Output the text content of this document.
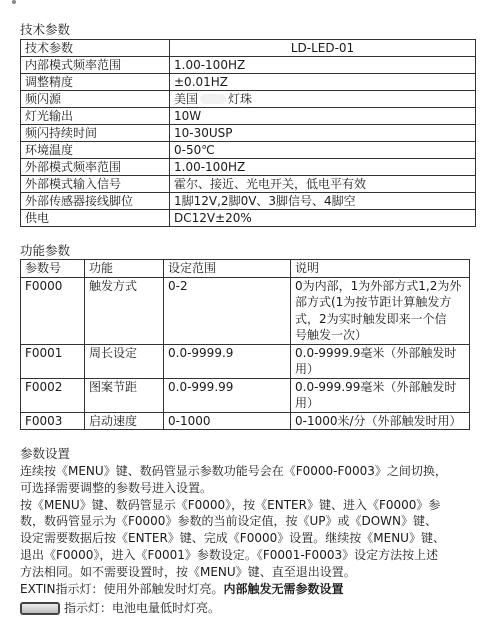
技术参数
技术参数	LD-LED-01
内部模式频率范围	1.00-100HZ
调整精度	±0.01HZ
频闪源	美国 灯珠
灯光输出	10W
频闪持续时间	10-30USP
环境温度	0-50℃
外部模式频率范围	1.00-100HZ
外部模式输入信号	霍尔、接近、光电开关，低电平有效
外部传感器接线脚位	1脚12V,2脚0V、3脚信号、4脚空
供电	DC12V±20%
功能参数
参数号	功能	设定范围	说明
F0000	触发方式	0-2	0为内部，1为外部方式1,2为外
部方式(1为按节距计算触发方
式，2为实时触发即来一个信
号触发一次）

F0001	周长设定	0.0-9999.9	0.0-9999.9毫米（外部触发时
用）

F0002	图案节距	0.0-999.99	0.0-999.99毫米（外部触发时
用）

F0003	启动速度	0-1000	0-1000米/分（外部触发时用）
参数设置
连续按《MENU》键、数码管显示参数功能号会在《F0000-F0003》之间切换，
可选择需要调整的参数号进入设置。
按《MENU》键、数码管显示《F0000》，按《ENTER》键、进入《F0000》参
数，数码管显示为《F0000》参数的当前设定值，按《UP》或《DOWN》键、
设定需要数据后按《ENTER》键、完成《F0000》设置。继续按《MENU》键、
退出《F0000》，进入《F0001》参数设定。《F0001-F0003》设定方法按上述
方法相同。如不需要设置时，按《MENU》键、直至退出设置。
EXTIN指示灯：使用外部触发时灯亮。内部触发无需参数设置
指示灯：电池电量低时灯亮。
